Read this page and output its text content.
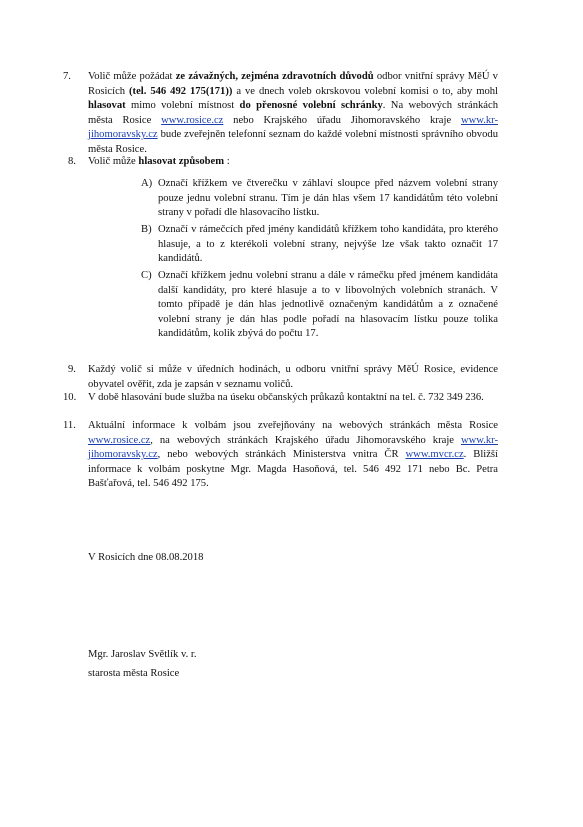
7. Volič může požádat ze závažných, zejména zdravotních důvodů odbor vnitřní správy MěÚ v Rosicích (tel. 546 492 175(171)) a ve dnech voleb okrskovou volební komisi o to, aby mohl hlasovat mimo volební místnost do přenosné volební schránky. Na webových stránkách města Rosice www.rosice.cz nebo Krajského úřadu Jihomoravského kraje www.kr-jihomoravsky.cz bude zveřejněn telefonní seznam do každé volební místnosti správního obvodu města Rosice.
8. Volič může hlasovat způsobem :
A) Označí křížkem ve čtverečku v záhlaví sloupce před názvem volební strany pouze jednu volební stranu. Tím je dán hlas všem 17 kandidátům této volební strany v pořadí dle hlasovacího lístku.
B) Označí v rámečcích před jmény kandidátů křížkem toho kandidáta, pro kterého hlasuje, a to z kterékoli volební strany, nejvýše lze však takto označit 17 kandidátů.
C) Označí křížkem jednu volební stranu a dále v rámečku před jménem kandidáta další kandidáty, pro které hlasuje a to v libovolných volebních stranách. V tomto případě je dán hlas jednotlivě označeným kandidátům a z označené volební strany je dán hlas podle pořadí na hlasovacím lístku pouze tolika kandidátům, kolik zbývá do počtu 17.
9. Každý volič si může v úředních hodinách, u odboru vnitřní správy MěÚ Rosice, evidence obyvatel ověřit, zda je zapsán v seznamu voličů.
10. V době hlasování bude služba na úseku občanských průkazů kontaktní na tel. č. 732 349 236.
11. Aktuální informace k volbám jsou zveřejňovány na webových stránkách města Rosice www.rosice.cz, na webových stránkách Krajského úřadu Jihomoravského kraje www.kr-jihomoravsky.cz, nebo webových stránkách Ministerstva vnitra ČR www.mvcr.cz. Bližší informace k volbám poskytne Mgr. Magda Hasoňová, tel. 546 492 171 nebo Bc. Petra Bašťařová, tel. 546 492 175.
V Rosicích dne 08.08.2018
Mgr. Jaroslav Světlík v. r.
starosta města Rosice
